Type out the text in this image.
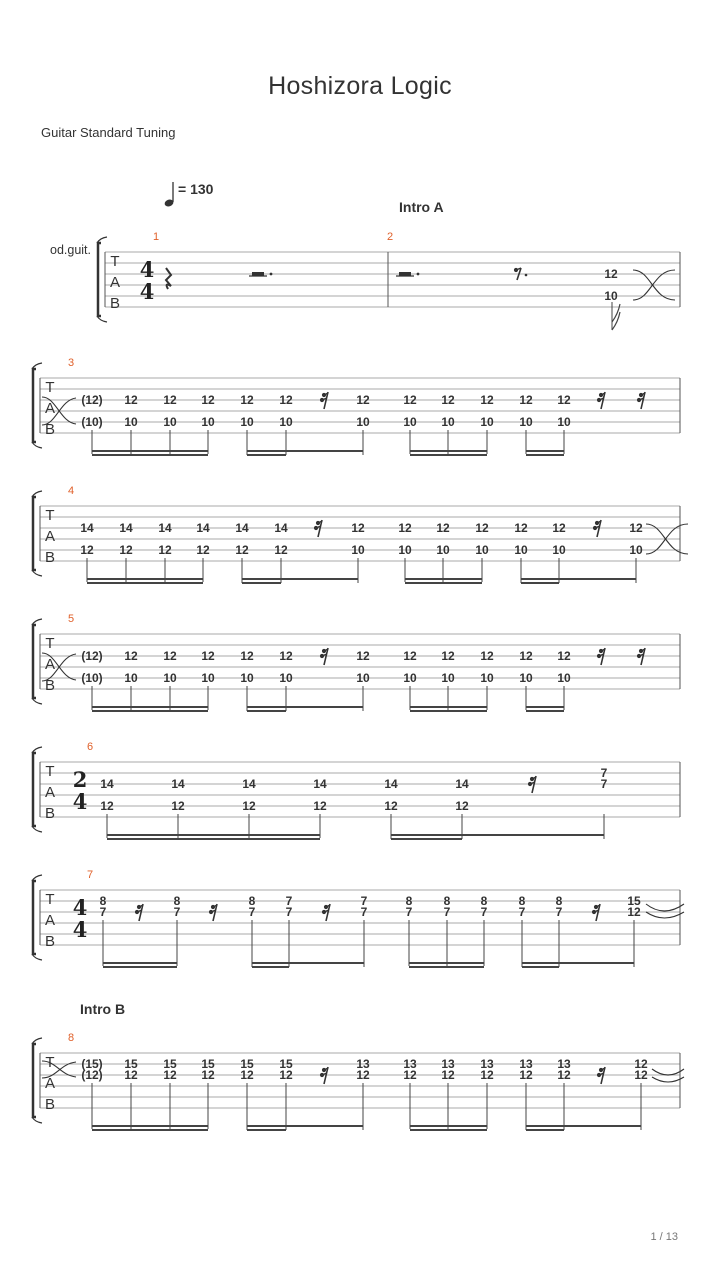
Hoshizora Logic
Guitar Standard Tuning
= 130
Intro A
Intro B
od.guit.
1 / 13
T
A
B
4
4
1	2
12
10
T
A
B
3
(12)
(10)
12
10
12
10
12
10
12
10
12
10
12
10
12
10
12
10
12
10
12
10
12
10
T
A
B
4
14
12
14
12
14
12
14
12
14
12
14
12
12
10
12
10
12
10
12
10
12
10
12
10
12
10
T
A
B
5
(12)
(10)
12
10
12
10
12
10
12
10
12
10
12
10
12
10
12
10
12
10
12
10
12
10
T
A
B
6
2
4
14
12
14
12
14
12
14
12
14
12
14
12
7
7
T
A
B
7
4
4
8
7
8
7
8
7
7
7
7
7
8
7
8
7
8
7
8
7
8
7
15
12
T
A
B
8
(15)
(12)
15
12
15
12
15
12
15
12
15
12
13
12
13
12
13
12
13
12
13
12
13
12
12
12
